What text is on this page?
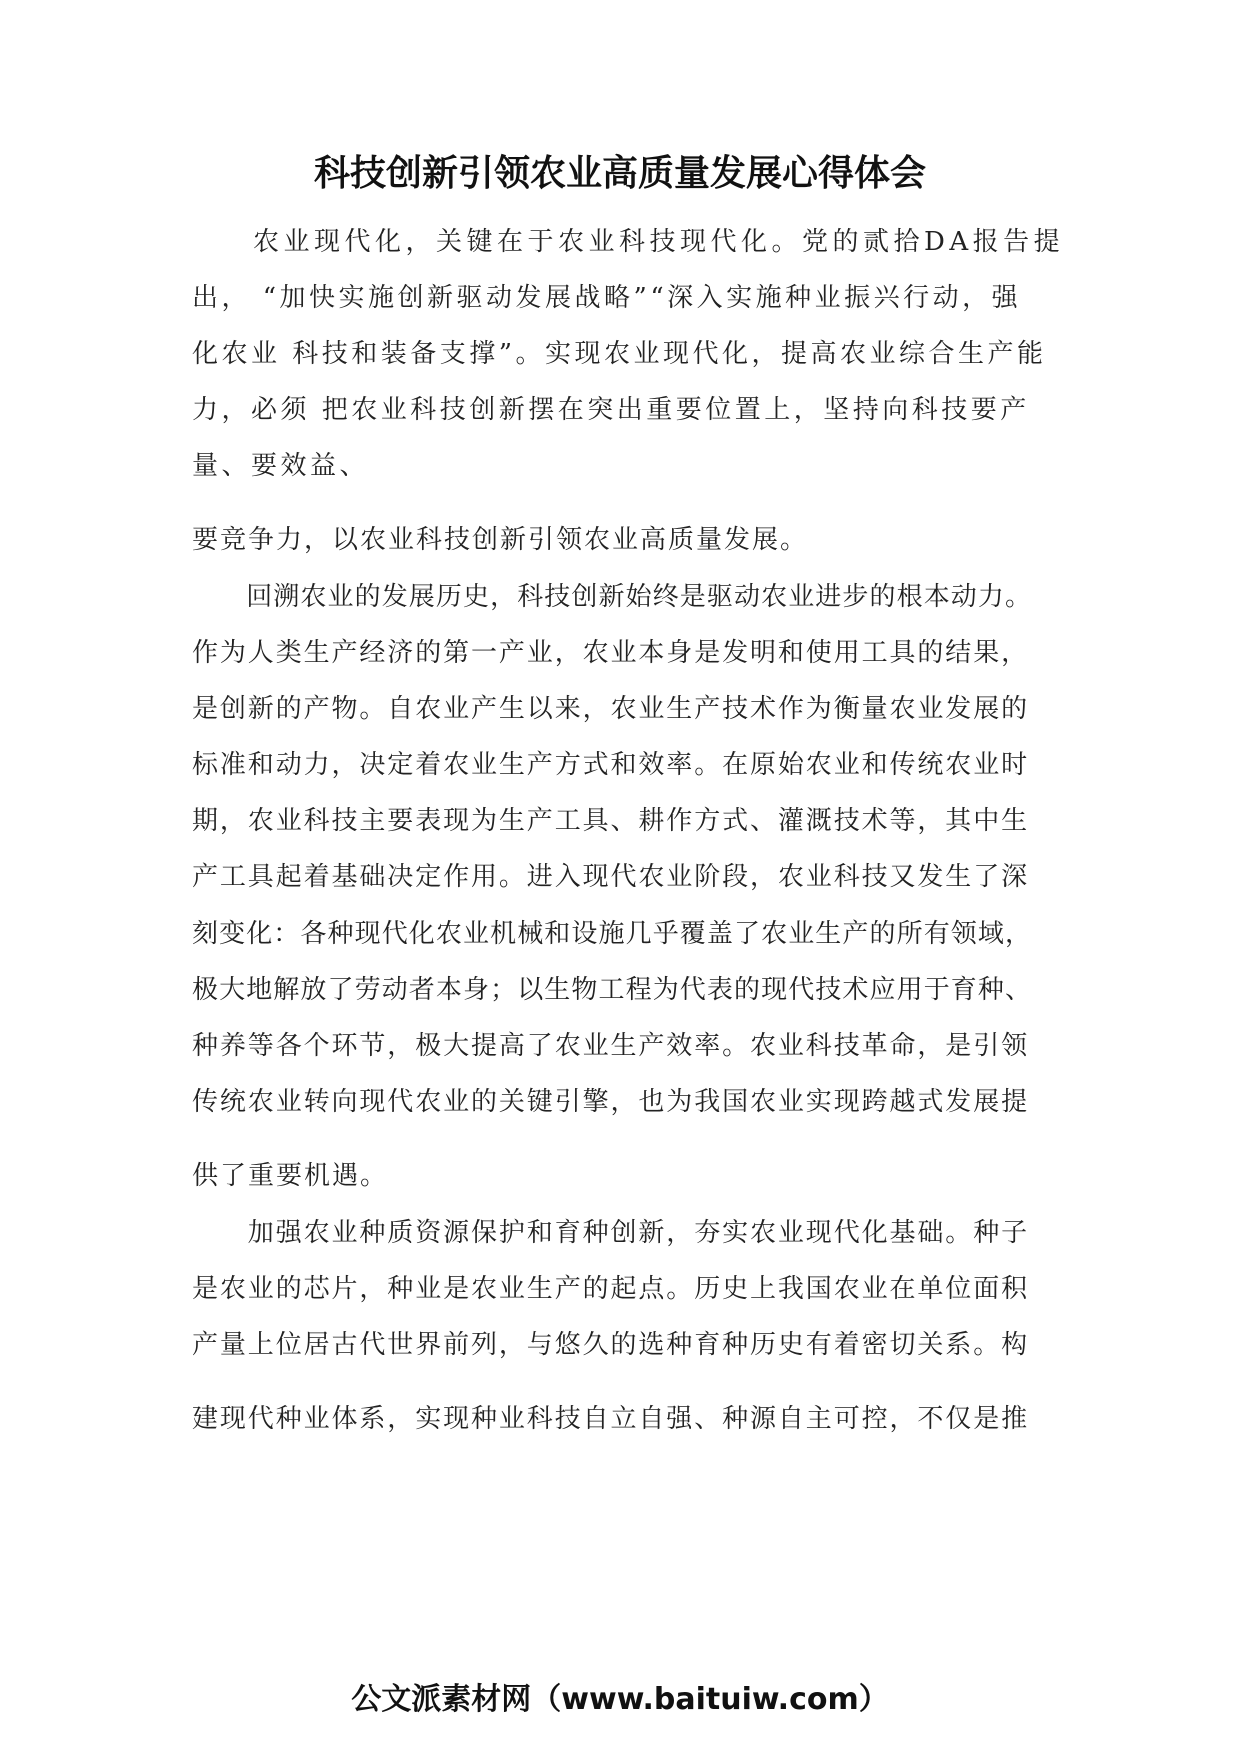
科技创新引领农业高质量发展心得体会
　　农业现代化，关键在于农业科技现代化。党的贰拾DA报告提
出， “加快实施创新驱动发展战略”“深入实施种业振兴行动，强
化农业 科技和装备支撑”。实现农业现代化，提高农业综合生产能
力，必须 把农业科技创新摆在突出重要位置上，坚持向科技要产
量、要效益、
要竞争力，以农业科技创新引领农业高质量发展。
　　回溯农业的发展历史，科技创新始终是驱动农业进步的根本动力。
作为人类生产经济的第一产业，农业本身是发明和使用工具的结果，
是创新的产物。自农业产生以来，农业生产技术作为衡量农业发展的
标准和动力，决定着农业生产方式和效率。在原始农业和传统农业时
期，农业科技主要表现为生产工具、耕作方式、灌溉技术等，其中生
产工具起着基础决定作用。进入现代农业阶段，农业科技又发生了深
刻变化：各种现代化农业机械和设施几乎覆盖了农业生产的所有领域，
极大地解放了劳动者本身；以生物工程为代表的现代技术应用于育种、
种养等各个环节，极大提高了农业生产效率。农业科技革命，是引领
传统农业转向现代农业的关键引擎，也为我国农业实现跨越式发展提
供了重要机遇。
　　加强农业种质资源保护和育种创新，夯实农业现代化基础。种子
是农业的芯片，种业是农业生产的起点。历史上我国农业在单位面积
产量上位居古代世界前列，与悠久的选种育种历史有着密切关系。构
建现代种业体系，实现种业科技自立自强、种源自主可控，不仅是推
公文派素材网（www.baituiw.com）
